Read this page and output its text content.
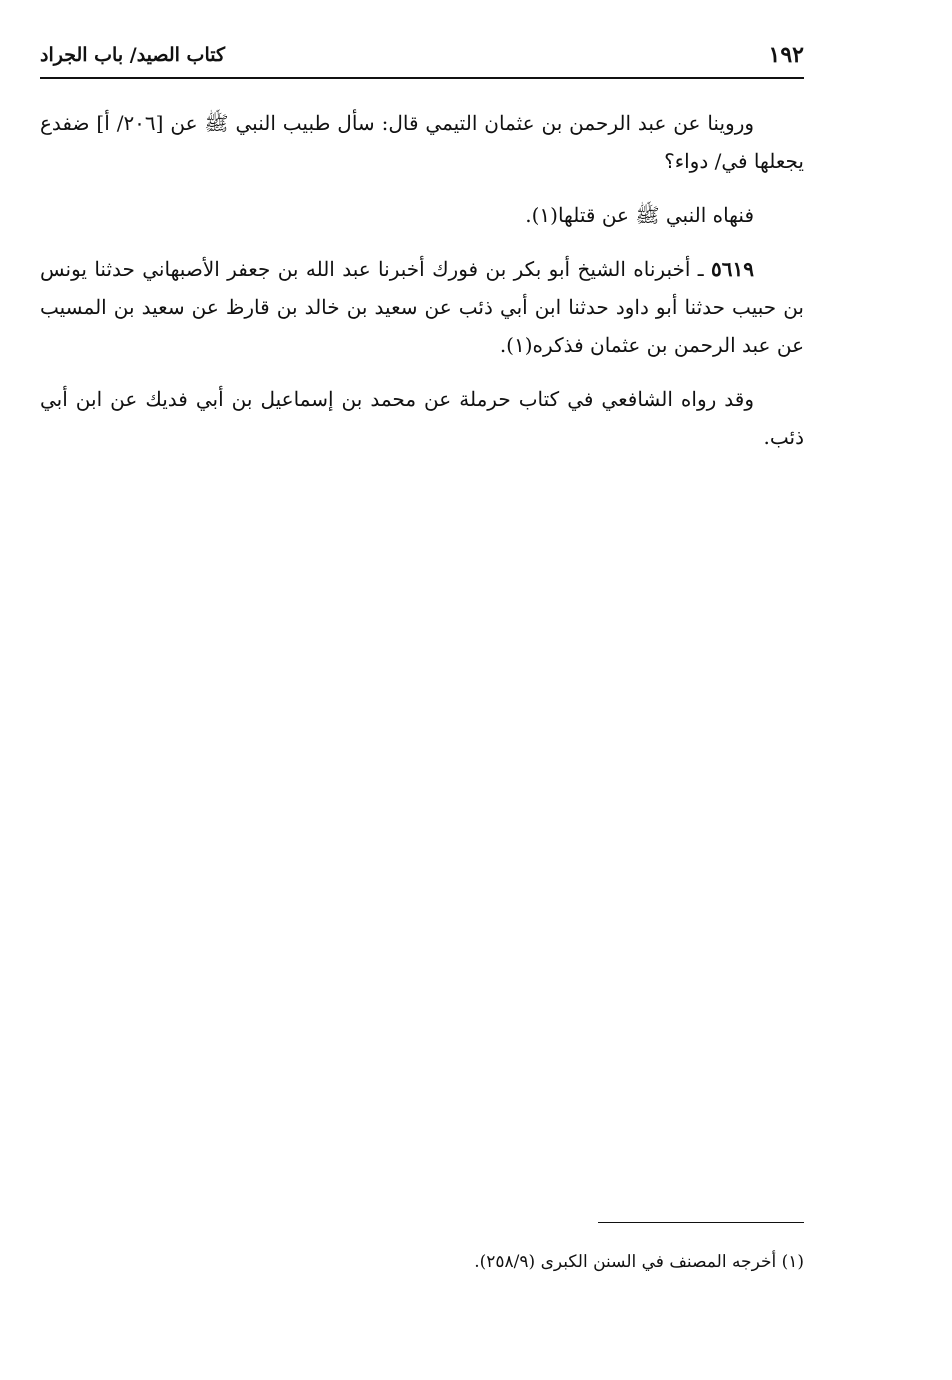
١٩٢
كتاب الصيد/ باب الجراد

وروينا عن عبد الرحمن بن عثمان التيمي قال: سأل طبيب النبي ﷺ عن [٢٠٦/ أ] ضفدع يجعلها في/ دواء؟

فنهاه النبي ﷺ عن قتلها(١).

٥٦١٩ ـ أخبرناه الشيخ أبو بكر بن فورك أخبرنا عبد الله بن جعفر الأصبهاني حدثنا يونس بن حبيب حدثنا أبو داود حدثنا ابن أبي ذئب عن سعيد بن خالد بن قارظ عن سعيد بن المسيب عن عبد الرحمن بن عثمان فذكره(١).

وقد رواه الشافعي في كتاب حرملة عن محمد بن إسماعيل بن أبي فديك عن ابن أبي ذئب.

(١) أخرجه المصنف في السنن الكبرى (٢٥٨/٩).
